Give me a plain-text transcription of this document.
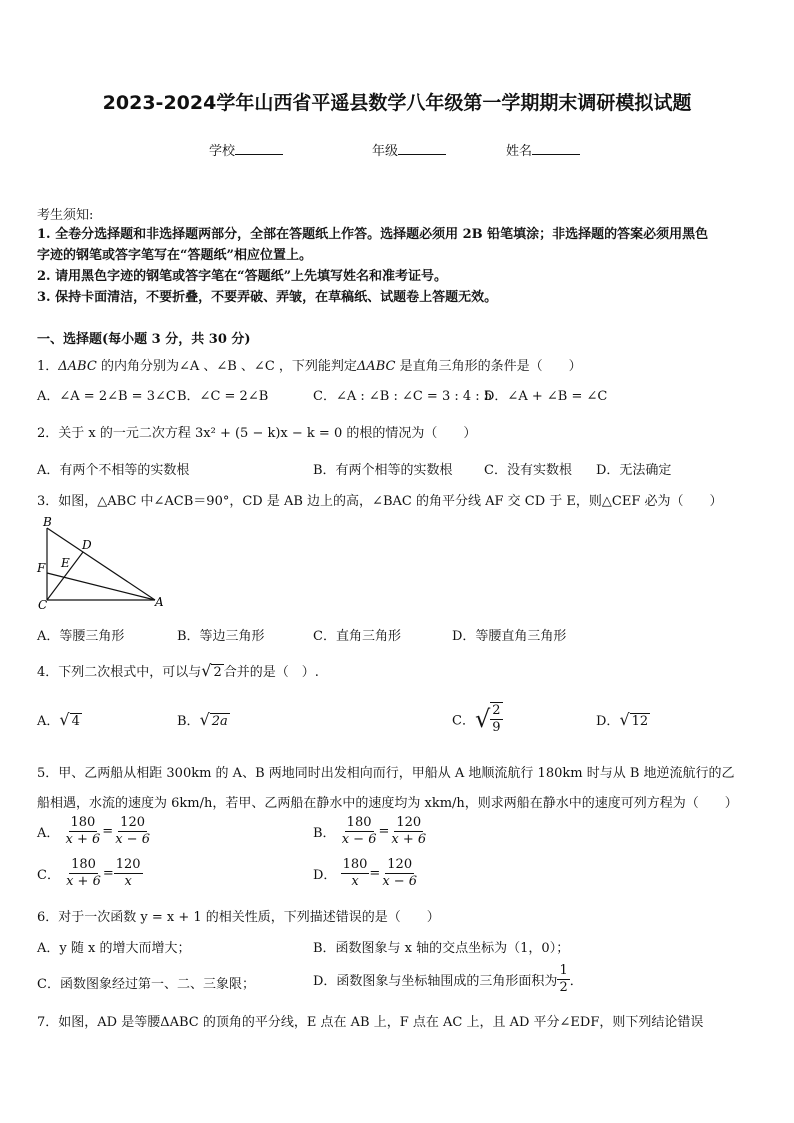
2023-2024学年山西省平遥县数学八年级第一学期期末调研模拟试题
学校	年级	姓名
考生须知:
1. 全卷分选择题和非选择题两部分，全部在答题纸上作答。选择题必须用 2B 铅笔填涂；非选择题的答案必须用黑色
字迹的钢笔或答字笔写在“答题纸”相应位置上。
2. 请用黑色字迹的钢笔或答字笔在“答题纸”上先填写姓名和准考证号。
3. 保持卡面清洁，不要折叠，不要弄破、弄皱，在草稿纸、试题卷上答题无效。
一、选择题(每小题 3 分，共 30 分)
1．ΔABC 的内角分别为∠A 、∠B 、∠C ，下列能判定ΔABC 是直角三角形的条件是（　　）
A．∠A = 2∠B = 3∠C B．∠C = 2∠B	C．∠A : ∠B : ∠C = 3 : 4 : 5
D．∠A + ∠B = ∠C
2．关于 x 的一元二次方程 3x² + (5 − k)x − k = 0 的根的情况为（　　）
A．有两个不相等的实数根	B．有两个相等的实数根 C．没有实数根 D．无法确定
3．如图，△ABC 中∠ACB＝90°，CD 是 AB 边上的高，∠BAC 的角平分线 AF 交 CD 于 E，则△CEF 必为（　　）
B
D
E
F
C	A
A．等腰三角形	B．等边三角形	C．直角三角形	D．等腰直角三角形
4．下列二次根式中，可以与√ 2 合并的是（　）.
A．√ 4	B．√ 2a	C．√ $\frac{2}{9}$	D．√ 12
5．甲、乙两船从相距 300km 的 A、B 两地同时出发相向而行，甲船从 A 地顺流航行 180km 时与从 B 地逆流航行的乙
船相遇，水流的速度为 6km/h，若甲、乙两船在静水中的速度均为 xkm/h，则求两船在静水中的速度可列方程为（　　）
A． $\frac{180}{x + 6} = \frac{120}{x - 6}$	B． $\frac{180}{x - 6} = \frac{120}{x + 6}$
C． $\frac{180}{x + 6} = \frac{120}{x}$	D． $\frac{180}{x} = \frac{120}{x - 6}$
6．对于一次函数 y = x + 1 的相关性质，下列描述错误的是（　　）
A．y 随 x 的增大而增大；	B．函数图象与 x 轴的交点坐标为（1，0）；
C．函数图象经过第一、二、三象限；	D．函数图象与坐标轴围成的三角形面积为 $\frac{1}{2}$ ．
7．如图，AD 是等腰ΔABC 的顶角的平分线，E 点在 AB 上，F 点在 AC 上，且 AD 平分∠EDF，则下列结论错误
